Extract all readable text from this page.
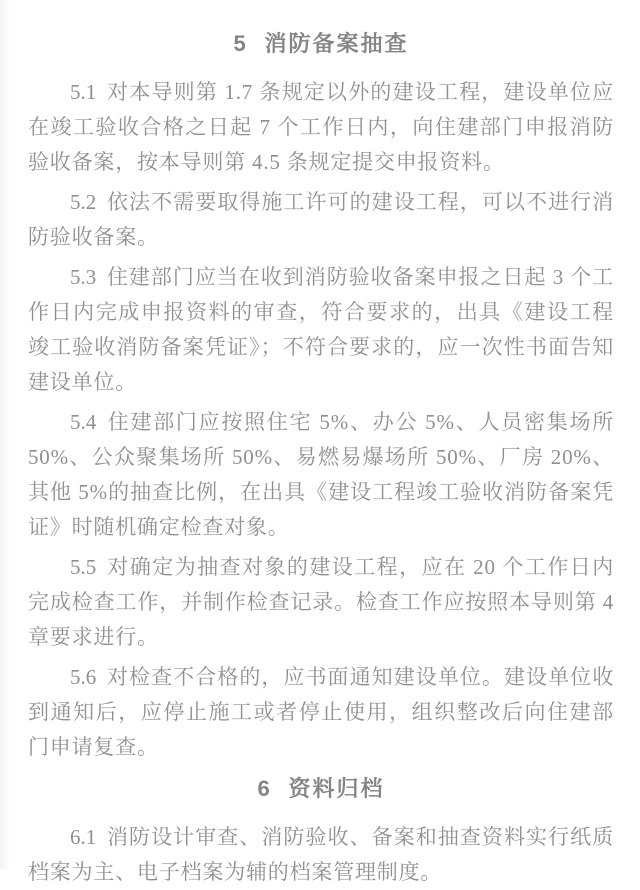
5 消防备案抽查

5.1 对本导则第 1.7 条规定以外的建设工程，建设单位应在竣工验收合格之日起 7 个工作日内，向住建部门申报消防验收备案，按本导则第 4.5 条规定提交申报资料。

5.2 依法不需要取得施工许可的建设工程，可以不进行消防验收备案。

5.3 住建部门应当在收到消防验收备案申报之日起 3 个工作日内完成申报资料的审查，符合要求的，出具《建设工程竣工验收消防备案凭证》；不符合要求的，应一次性书面告知建设单位。

5.4 住建部门应按照住宅 5%、办公 5%、人员密集场所 50%、公众聚集场所 50%、易燃易爆场所 50%、厂房 20%、其他 5%的抽查比例，在出具《建设工程竣工验收消防备案凭证》时随机确定检查对象。

5.5 对确定为抽查对象的建设工程，应在 20 个工作日内完成检查工作，并制作检查记录。检查工作应按照本导则第 4 章要求进行。

5.6 对检查不合格的，应书面通知建设单位。建设单位收到通知后，应停止施工或者停止使用，组织整改后向住建部门申请复查。

6 资料归档

6.1 消防设计审查、消防验收、备案和抽查资料实行纸质档案为主、电子档案为辅的档案管理制度。
